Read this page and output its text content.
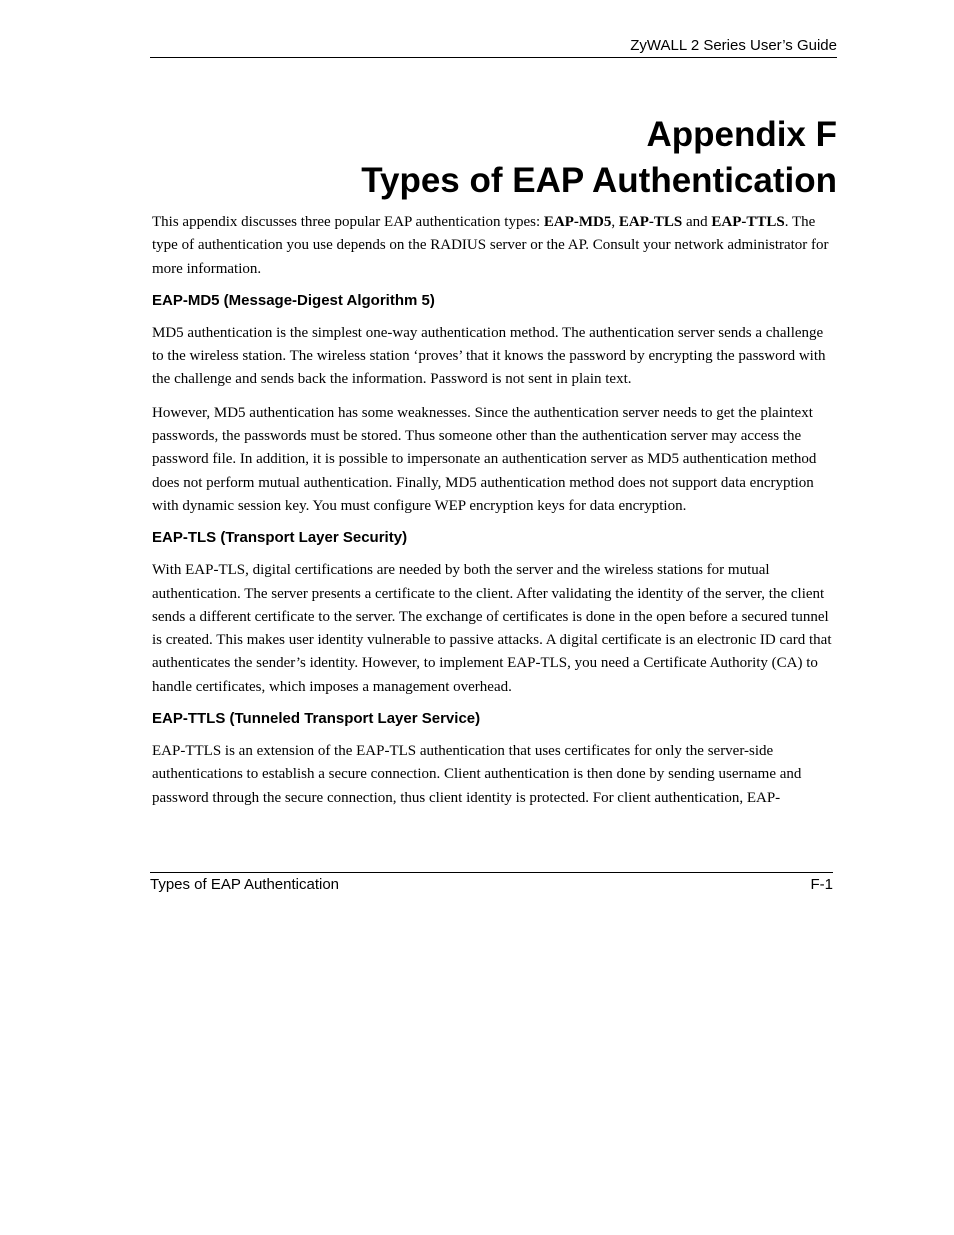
ZyWALL 2 Series User’s Guide
Appendix F
Types of EAP Authentication

This appendix discusses three popular EAP authentication types: EAP-MD5, EAP-TLS and EAP-TTLS. The type of authentication you use depends on the RADIUS server or the AP. Consult your network administrator for more information.

EAP-MD5 (Message-Digest Algorithm 5)

MD5 authentication is the simplest one-way authentication method. The authentication server sends a challenge to the wireless station. The wireless station ‘proves’ that it knows the password by encrypting the password with the challenge and sends back the information. Password is not sent in plain text.

However, MD5 authentication has some weaknesses. Since the authentication server needs to get the plaintext passwords, the passwords must be stored. Thus someone other than the authentication server may access the password file. In addition, it is possible to impersonate an authentication server as MD5 authentication method does not perform mutual authentication. Finally, MD5 authentication method does not support data encryption with dynamic session key. You must configure WEP encryption keys for data encryption.

EAP-TLS (Transport Layer Security)

With EAP-TLS, digital certifications are needed by both the server and the wireless stations for mutual authentication. The server presents a certificate to the client. After validating the identity of the server, the client sends a different certificate to the server. The exchange of certificates is done in the open before a secured tunnel is created. This makes user identity vulnerable to passive attacks. A digital certificate is an electronic ID card that authenticates the sender’s identity. However, to implement EAP-TLS, you need a Certificate Authority (CA) to handle certificates, which imposes a management overhead.

EAP-TTLS (Tunneled Transport Layer Service)

EAP-TTLS is an extension of the EAP-TLS authentication that uses certificates for only the server-side authentications to establish a secure connection. Client authentication is then done by sending username and password through the secure connection, thus client identity is protected. For client authentication, EAP-

Types of EAP Authentication	F-1
